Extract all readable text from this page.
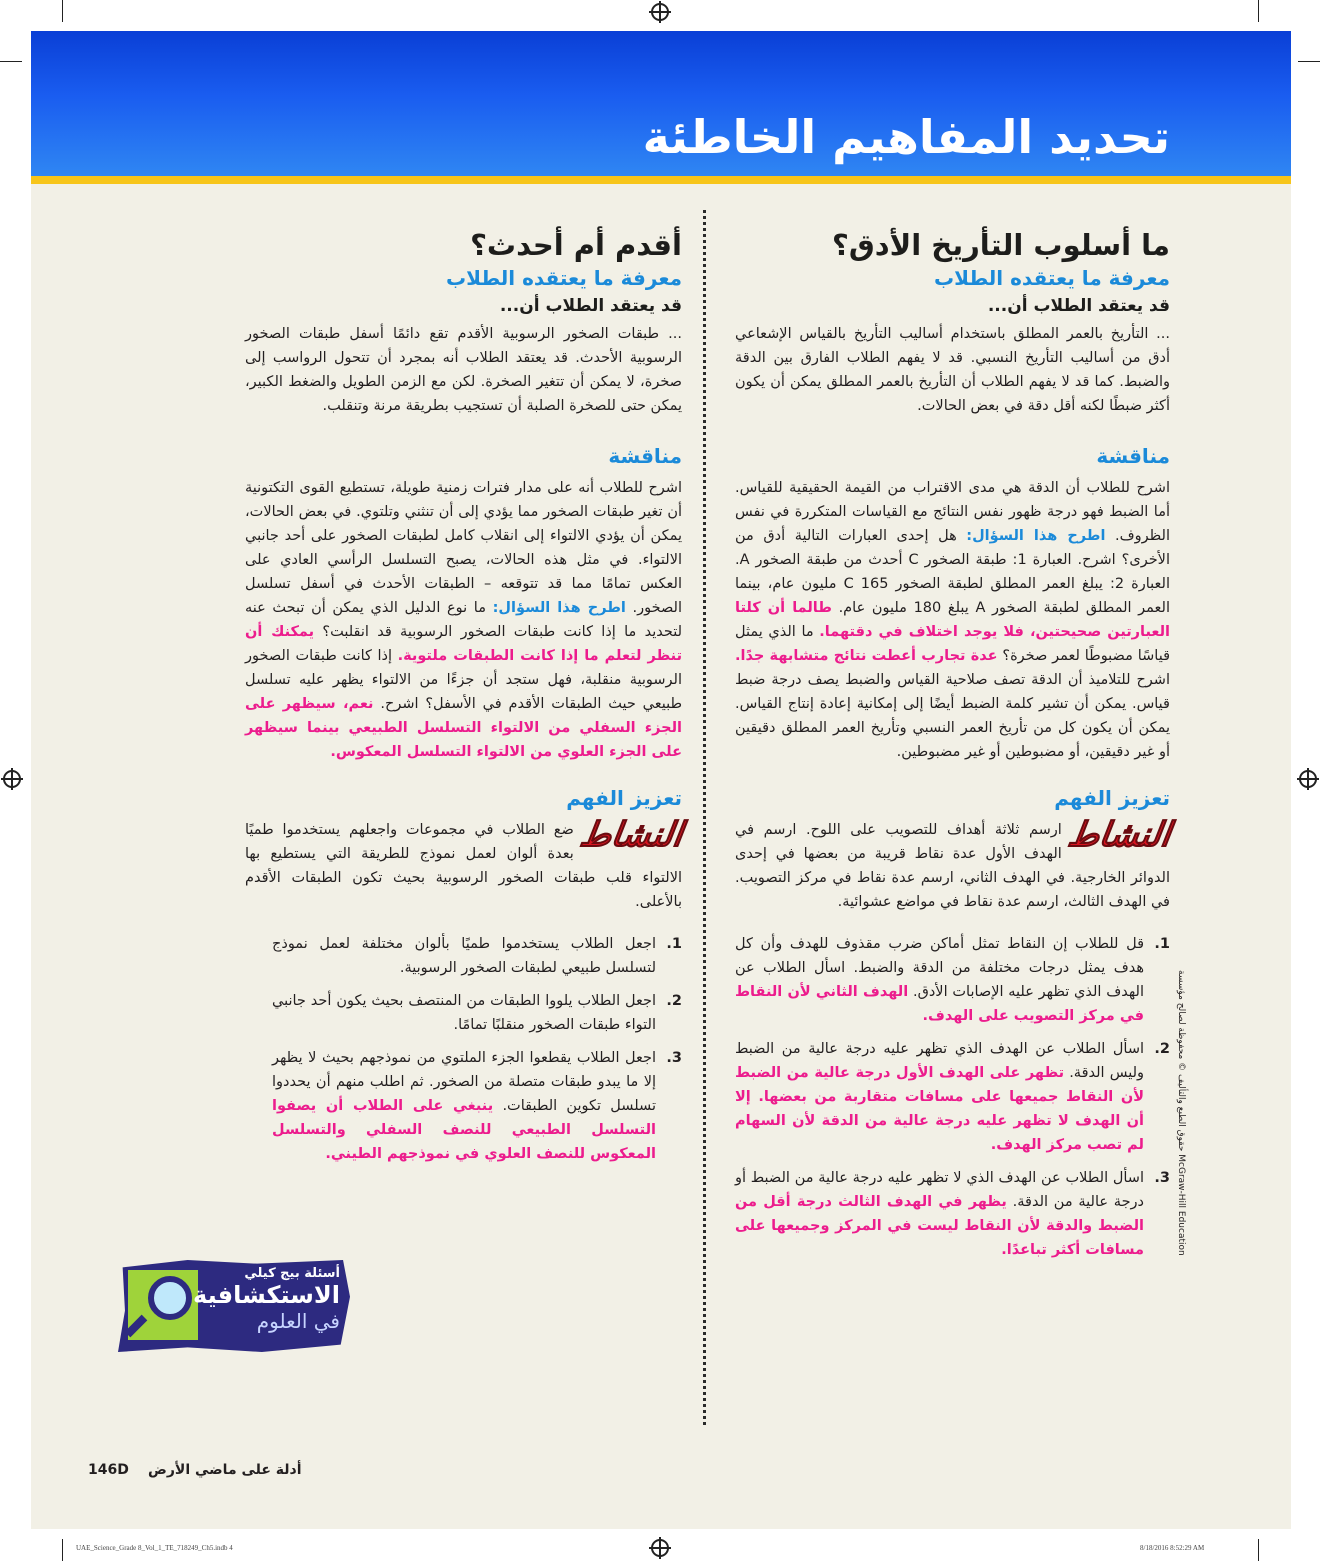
تحديد المفاهيم الخاطئة
ما أسلوب التأريخ الأدق؟
معرفة ما يعتقده الطلاب
قد يعتقد الطلاب أن...
... التأريخ بالعمر المطلق باستخدام أساليب التأريخ بالقياس الإشعاعي أدق من أساليب التأريخ النسبي. قد لا يفهم الطلاب الفارق بين الدقة والضبط. كما قد لا يفهم الطلاب أن التأريخ بالعمر المطلق يمكن أن يكون أكثر ضبطًا لكنه أقل دقة في بعض الحالات.
مناقشة
اشرح للطلاب أن الدقة هي مدى الاقتراب من القيمة الحقيقية للقياس. أما الضبط فهو درجة ظهور نفس النتائج مع القياسات المتكررة في نفس الظروف. اطرح هذا السؤال: هل إحدى العبارات التالية أدق من الأخرى؟ اشرح. العبارة 1: طبقة الصخور C أحدث من طبقة الصخور A. العبارة 2: يبلغ العمر المطلق لطبقة الصخور C 165 مليون عام، بينما العمر المطلق لطبقة الصخور A يبلغ 180 مليون عام. طالما أن كلتا العبارتين صحيحتين، فلا يوجد اختلاف في دقتهما. ما الذي يمثل قياسًا مضبوطًا لعمر صخرة؟ عدة تجارب أعطت نتائج متشابهة جدًا. اشرح للتلاميذ أن الدقة تصف صلاحية القياس والضبط يصف درجة ضبط قياس. يمكن أن تشير كلمة الضبط أيضًا إلى إمكانية إعادة إنتاج القياس. يمكن أن يكون كل من تأريخ العمر النسبي وتأريخ العمر المطلق دقيقين أو غير دقيقين، أو مضبوطين أو غير مضبوطين.
تعزيز الفهم
النشاط
ارسم ثلاثة أهداف للتصويب على اللوح. ارسم في الهدف الأول عدة نقاط قريبة من بعضها في إحدى الدوائر الخارجية. في الهدف الثاني، ارسم عدة نقاط في مركز التصويب. في الهدف الثالث، ارسم عدة نقاط في مواضع عشوائية.
1.
قل للطلاب إن النقاط تمثل أماكن ضرب مقذوف للهدف وأن كل هدف يمثل درجات مختلفة من الدقة والضبط. اسأل الطلاب عن الهدف الذي تظهر عليه الإصابات الأدق. الهدف الثاني لأن النقاط في مركز التصويب على الهدف.
2.
اسأل الطلاب عن الهدف الذي تظهر عليه درجة عالية من الضبط وليس الدقة. تظهر على الهدف الأول درجة عالية من الضبط لأن النقاط جميعها على مسافات متقاربة من بعضها. إلا أن الهدف لا تظهر عليه درجة عالية من الدقة لأن السهام لم تصب مركز الهدف.
3.
اسأل الطلاب عن الهدف الذي لا تظهر عليه درجة عالية من الضبط أو درجة عالية من الدقة. يظهر في الهدف الثالث درجة أقل من الضبط والدقة لأن النقاط ليست في المركز وجميعها على مسافات أكثر تباعدًا.
أقدم أم أحدث؟
معرفة ما يعتقده الطلاب
قد يعتقد الطلاب أن...
... طبقات الصخور الرسوبية الأقدم تقع دائمًا أسفل طبقات الصخور الرسوبية الأحدث. قد يعتقد الطلاب أنه بمجرد أن تتحول الرواسب إلى صخرة، لا يمكن أن تتغير الصخرة. لكن مع الزمن الطويل والضغط الكبير، يمكن حتى للصخرة الصلبة أن تستجيب بطريقة مرنة وتنقلب.
مناقشة
اشرح للطلاب أنه على مدار فترات زمنية طويلة، تستطيع القوى التكتونية أن تغير طبقات الصخور مما يؤدي إلى أن تنثني وتلتوي. في بعض الحالات، يمكن أن يؤدي الالتواء إلى انقلاب كامل لطبقات الصخور على أحد جانبي الالتواء. في مثل هذه الحالات، يصبح التسلسل الرأسي العادي على العكس تمامًا مما قد تتوقعه – الطبقات الأحدث في أسفل تسلسل الصخور. اطرح هذا السؤال: ما نوع الدليل الذي يمكن أن تبحث عنه لتحديد ما إذا كانت طبقات الصخور الرسوبية قد انقلبت؟ يمكنك أن تنظر لتعلم ما إذا كانت الطبقات ملتوية. إذا كانت طبقات الصخور الرسوبية منقلبة، فهل ستجد أن جزءًا من الالتواء يظهر عليه تسلسل طبيعي حيث الطبقات الأقدم في الأسفل؟ اشرح. نعم، سيظهر على الجزء السفلي من الالتواء التسلسل الطبيعي بينما سيظهر على الجزء العلوي من الالتواء التسلسل المعكوس.
تعزيز الفهم
النشاط
ضع الطلاب في مجموعات واجعلهم يستخدموا طميًا بعدة ألوان لعمل نموذج للطريقة التي يستطيع بها الالتواء قلب طبقات الصخور الرسوبية بحيث تكون الطبقات الأقدم بالأعلى.
1.
اجعل الطلاب يستخدموا طميًا بألوان مختلفة لعمل نموذج لتسلسل طبيعي لطبقات الصخور الرسوبية.
2.
اجعل الطلاب يلووا الطبقات من المنتصف بحيث يكون أحد جانبي التواء طبقات الصخور منقلبًا تمامًا.
3.
اجعل الطلاب يقطعوا الجزء الملتوي من نموذجهم بحيث لا يظهر إلا ما يبدو طبقات متصلة من الصخور. ثم اطلب منهم أن يحددوا تسلسل تكوين الطبقات. ينبغي على الطلاب أن يصفوا التسلسل الطبيعي للنصف السفلي والتسلسل المعكوس للنصف العلوي في نموذجهم الطيني.
أسئلة بيج كيلي
الاستكشافية
في العلوم
حقوق الطبع والتأليف © محفوظة لصالح مؤسسة McGraw-Hill Education
146D أدلة على ماضي الأرض
UAE_Science_Grade 8_Vol_1_TE_718249_Ch5.indb 4	8/18/2016 8:52:29 AM
